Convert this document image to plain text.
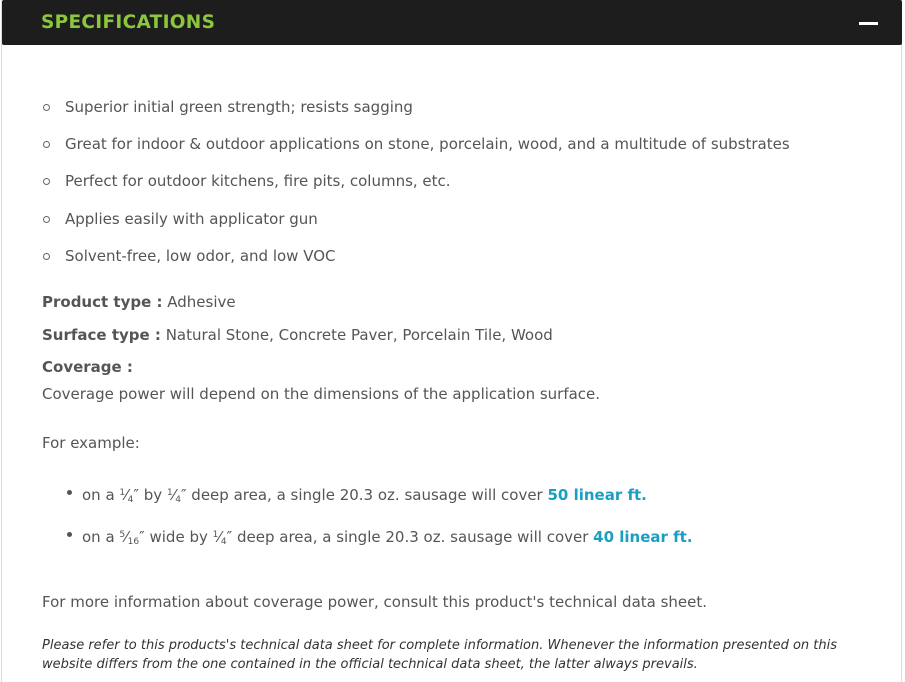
SPECIFICATIONS
Superior initial green strength; resists sagging
Great for indoor & outdoor applications on stone, porcelain, wood, and a multitude of substrates
Perfect for outdoor kitchens, fire pits, columns, etc.
Applies easily with applicator gun
Solvent-free, low odor, and low VOC
Product type : Adhesive
Surface type : Natural Stone, Concrete Paver, Porcelain Tile, Wood
Coverage :
Coverage power will depend on the dimensions of the application surface.
For example:
on a $^1⁄_4''$ by $^1⁄_4''$ deep area, a single 20.3 oz. sausage will cover 50 linear ft.
on a $^5⁄_{16}''$ wide by $^1⁄_4''$ deep area, a single 20.3 oz. sausage will cover 40 linear ft.
For more information about coverage power, consult this product's technical data sheet.
Please refer to this products's technical data sheet for complete information. Whenever the information presented on this website differs from the one contained in the official technical data sheet, the latter always prevails.
